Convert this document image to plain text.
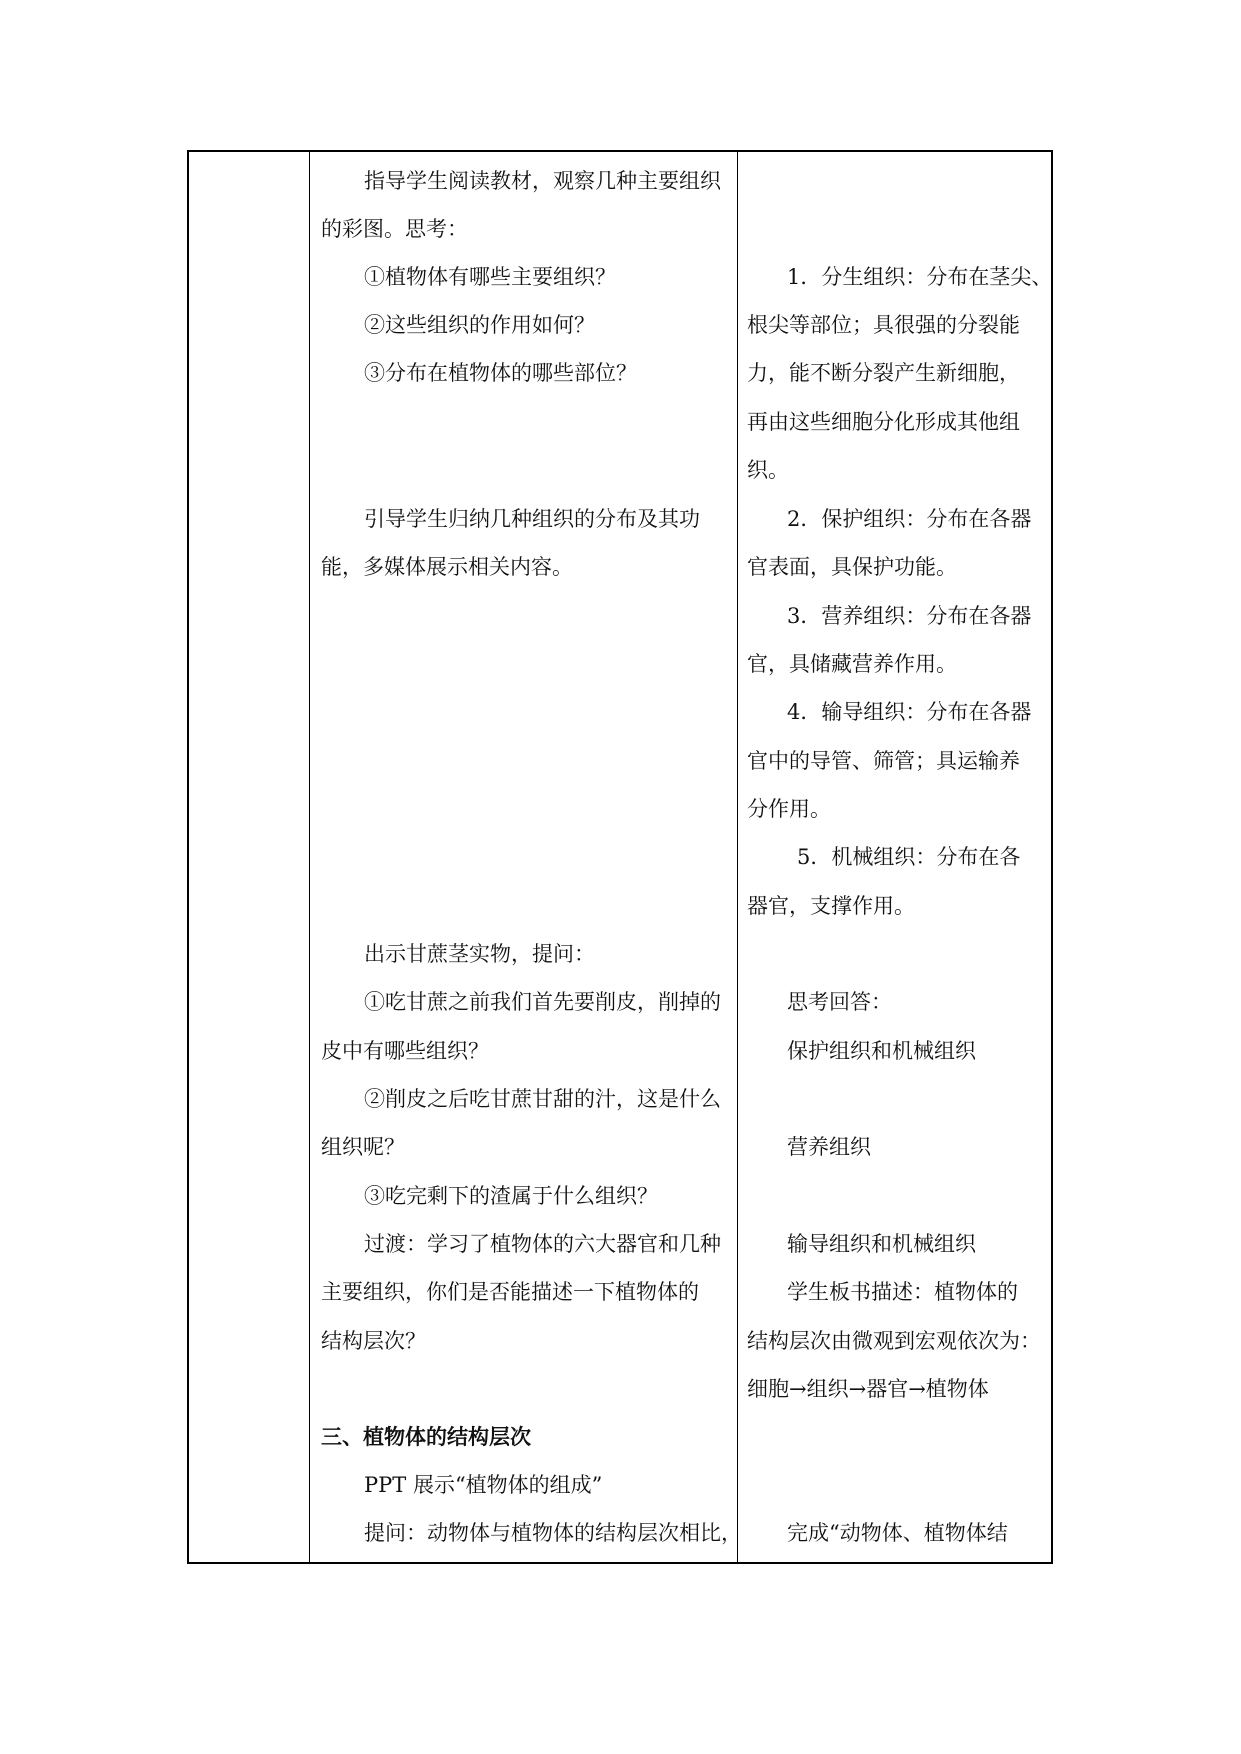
指导学生阅读教材，观察几种主要组织
的彩图。思考：
①植物体有哪些主要组织？
②这些组织的作用如何？
③分布在植物体的哪些部位？
引导学生归纳几种组织的分布及其功
能，多媒体展示相关内容。
出示甘蔗茎实物，提问：
①吃甘蔗之前我们首先要削皮，削掉的
皮中有哪些组织？
②削皮之后吃甘蔗甘甜的汁，这是什么
组织呢？
③吃完剩下的渣属于什么组织？
过渡：学习了植物体的六大器官和几种
主要组织，你们是否能描述一下植物体的
结构层次？
三、植物体的结构层次
PPT 展示“植物体的组成”
提问：动物体与植物体的结构层次相比，
1．分生组织：分布在茎尖、
根尖等部位；具很强的分裂能
力，能不断分裂产生新细胞，
再由这些细胞分化形成其他组
织。
2．保护组织：分布在各器
官表面，具保护功能。
3．营养组织：分布在各器
官，具储藏营养作用。
4．输导组织：分布在各器
官中的导管、筛管；具运输养
分作用。
5．机械组织：分布在各
器官，支撑作用。
思考回答：
保护组织和机械组织
营养组织
输导组织和机械组织
学生板书描述：植物体的
结构层次由微观到宏观依次为：
细胞→组织→器官→植物体
完成“动物体、植物体结
